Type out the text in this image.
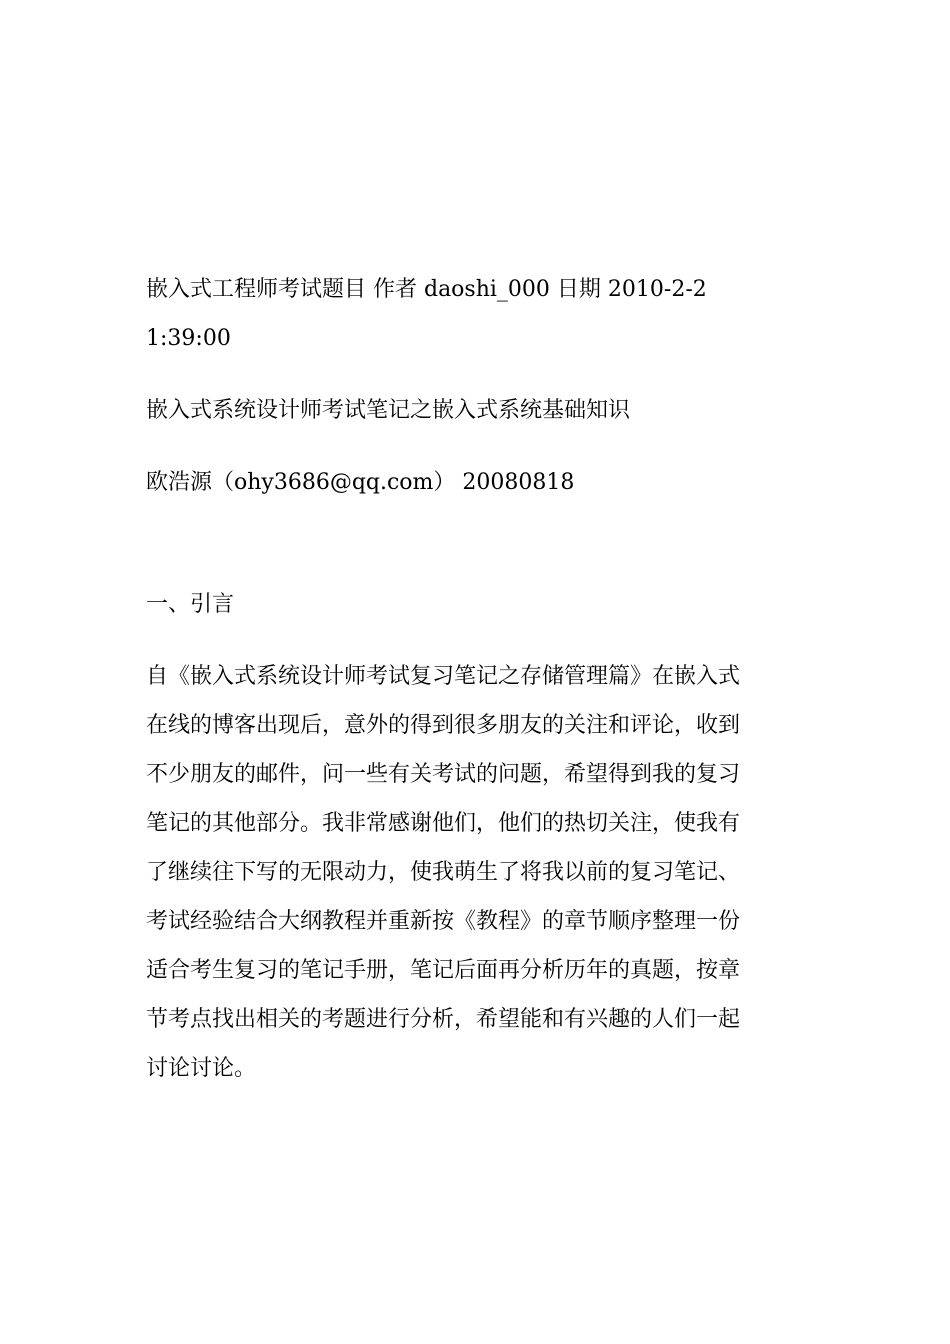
嵌入式工程师考试题目 作者 daoshi_000 日期 2010-2-2
1:39:00
嵌入式系统设计师考试笔记之嵌入式系统基础知识
欧浩源（ohy3686@qq.com） 20080818
一、引言
自《嵌入式系统设计师考试复习笔记之存储管理篇》在嵌入式
在线的博客出现后，意外的得到很多朋友的关注和评论，收到
不少朋友的邮件，问一些有关考试的问题，希望得到我的复习
笔记的其他部分。我非常感谢他们，他们的热切关注，使我有
了继续往下写的无限动力，使我萌生了将我以前的复习笔记、
考试经验结合大纲教程并重新按《教程》的章节顺序整理一份
适合考生复习的笔记手册，笔记后面再分析历年的真题，按章
节考点找出相关的考题进行分析，希望能和有兴趣的人们一起
讨论讨论。
